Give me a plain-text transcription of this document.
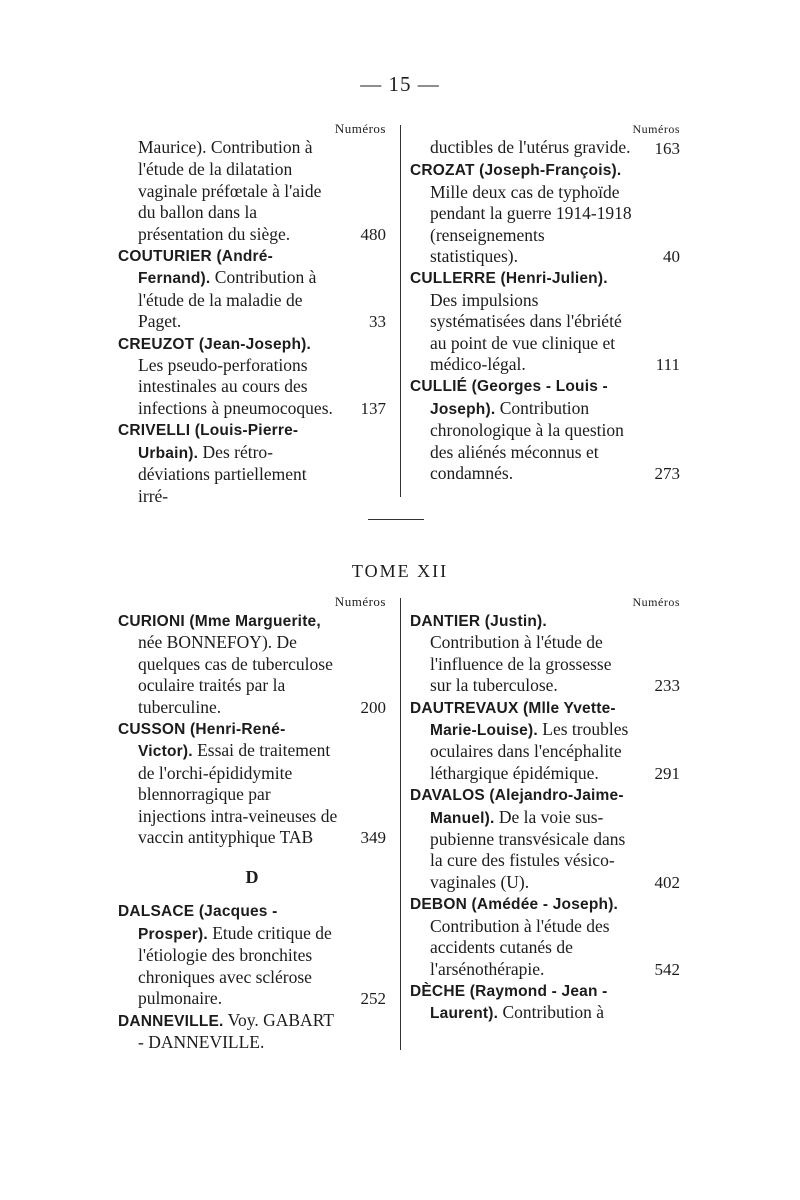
— 15 —
Numéros
Maurice). Contribution à l'étude de la dilatation vaginale préfœtale à l'aide du ballon dans la présentation du siège.	480
COUTURIER (André-Fernand). Contribution à l'étude de la maladie de Paget.	33
CREUZOT (Jean-Joseph). Les pseudo-perforations intestinales au cours des infections à pneumocoques.	137
CRIVELLI (Louis-Pierre-Urbain). Des rétro-déviations partiellement irré-
Numéros
ductibles de l'utérus gravide.	163
CROZAT (Joseph-François). Mille deux cas de typhoïde pendant la guerre 1914-1918 (renseignements statistiques).	40
CULLERRE (Henri-Julien). Des impulsions systématisées dans l'ébriété au point de vue clinique et médico-légal.	111
CULLIÉ (Georges - Louis - Joseph). Contribution chronologique à la question des aliénés méconnus et condamnés.	273
TOME XII
Numéros
CURIONI (Mme Marguerite, née BONNEFOY). De quelques cas de tuberculose oculaire traités par la tuberculine.	200
CUSSON (Henri-René-Victor). Essai de traitement de l'orchi-épididymite blennorragique par injections intra-veineuses de vaccin antityphique TAB	349
D
DALSACE (Jacques - Prosper). Etude critique de l'étiologie des bronchites chroniques avec sclérose pulmonaire.	252
DANNEVILLE. Voy. GABART - DANNEVILLE.
Numéros
DANTIER (Justin). Contribution à l'étude de l'influence de la grossesse sur la tuberculose.	233
DAUTREVAUX (Mlle Yvette-Marie-Louise). Les troubles oculaires dans l'encéphalite léthargique épidémique.	291
DAVALOS (Alejandro-Jaime-Manuel). De la voie sus-pubienne transvésicale dans la cure des fistules vésico-vaginales (U).	402
DEBON (Amédée - Joseph). Contribution à l'étude des accidents cutanés de l'arsénothérapie.	542
DÈCHE (Raymond - Jean - Laurent). Contribution à
